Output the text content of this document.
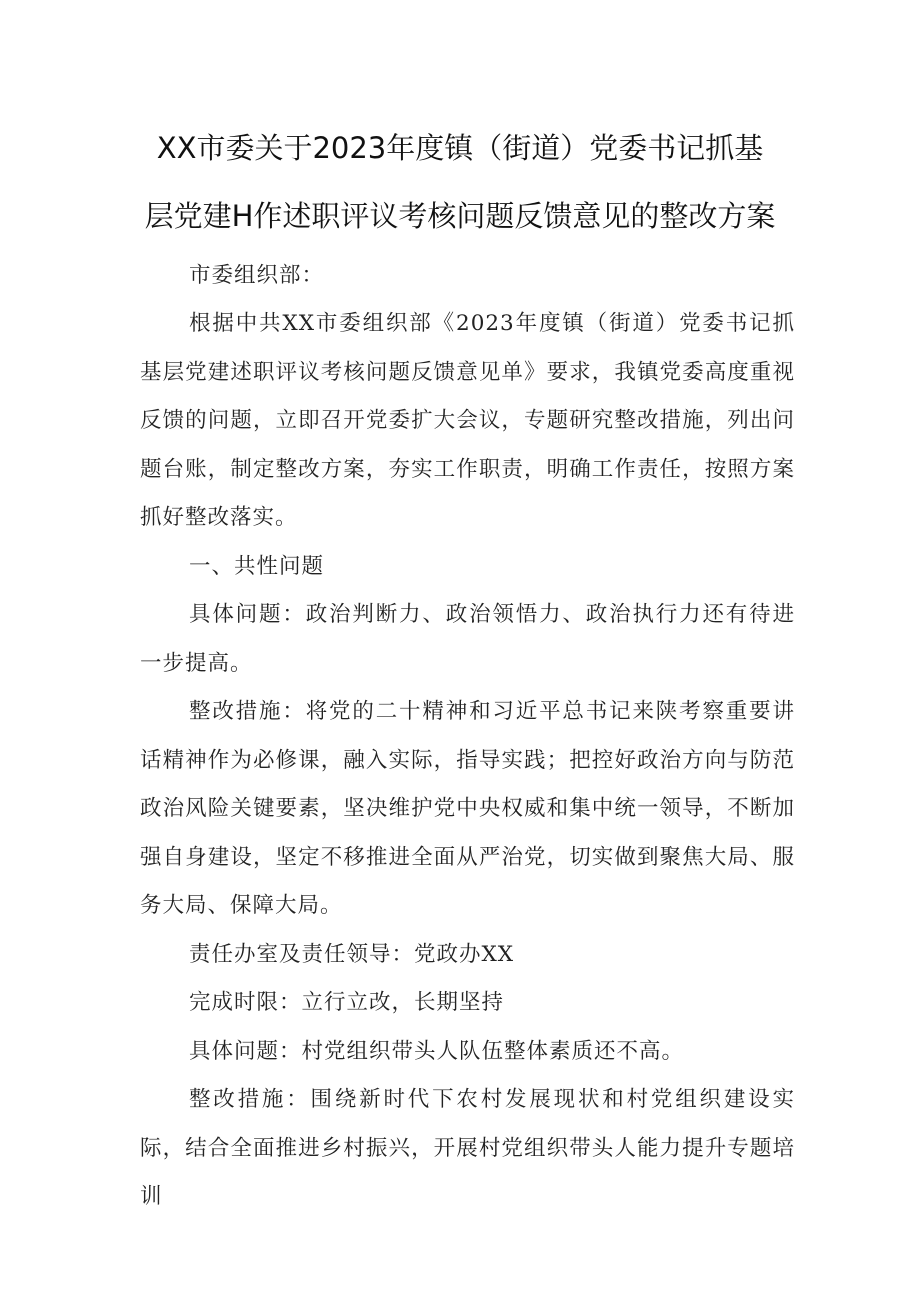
XX市委关于2023年度镇（街道）党委书记抓基
层党建H作述职评议考核问题反馈意见的整改方案
市委组织部：

根据中共XX市委组织部《2023年度镇（街道）党委书记抓基层党建述职评议考核问题反馈意见单》要求，我镇党委高度重视反馈的问题，立即召开党委扩大会议，专题研究整改措施，列出问题台账，制定整改方案，夯实工作职责，明确工作责任，按照方案抓好整改落实。

一、共性问题

具体问题：政治判断力、政治领悟力、政治执行力还有待进一步提高。

整改措施：将党的二十精神和习近平总书记来陕考察重要讲话精神作为必修课，融入实际，指导实践；把控好政治方向与防范政治风险关键要素，坚决维护党中央权威和集中统一领导，不断加强自身建设，坚定不移推进全面从严治党，切实做到聚焦大局、服务大局、保障大局。

责任办室及责任领导：党政办XX

完成时限：立行立改，长期坚持

具体问题：村党组织带头人队伍整体素质还不高。

整改措施：围绕新时代下农村发展现状和村党组织建设实际，结合全面推进乡村振兴，开展村党组织带头人能力提升专题培训
